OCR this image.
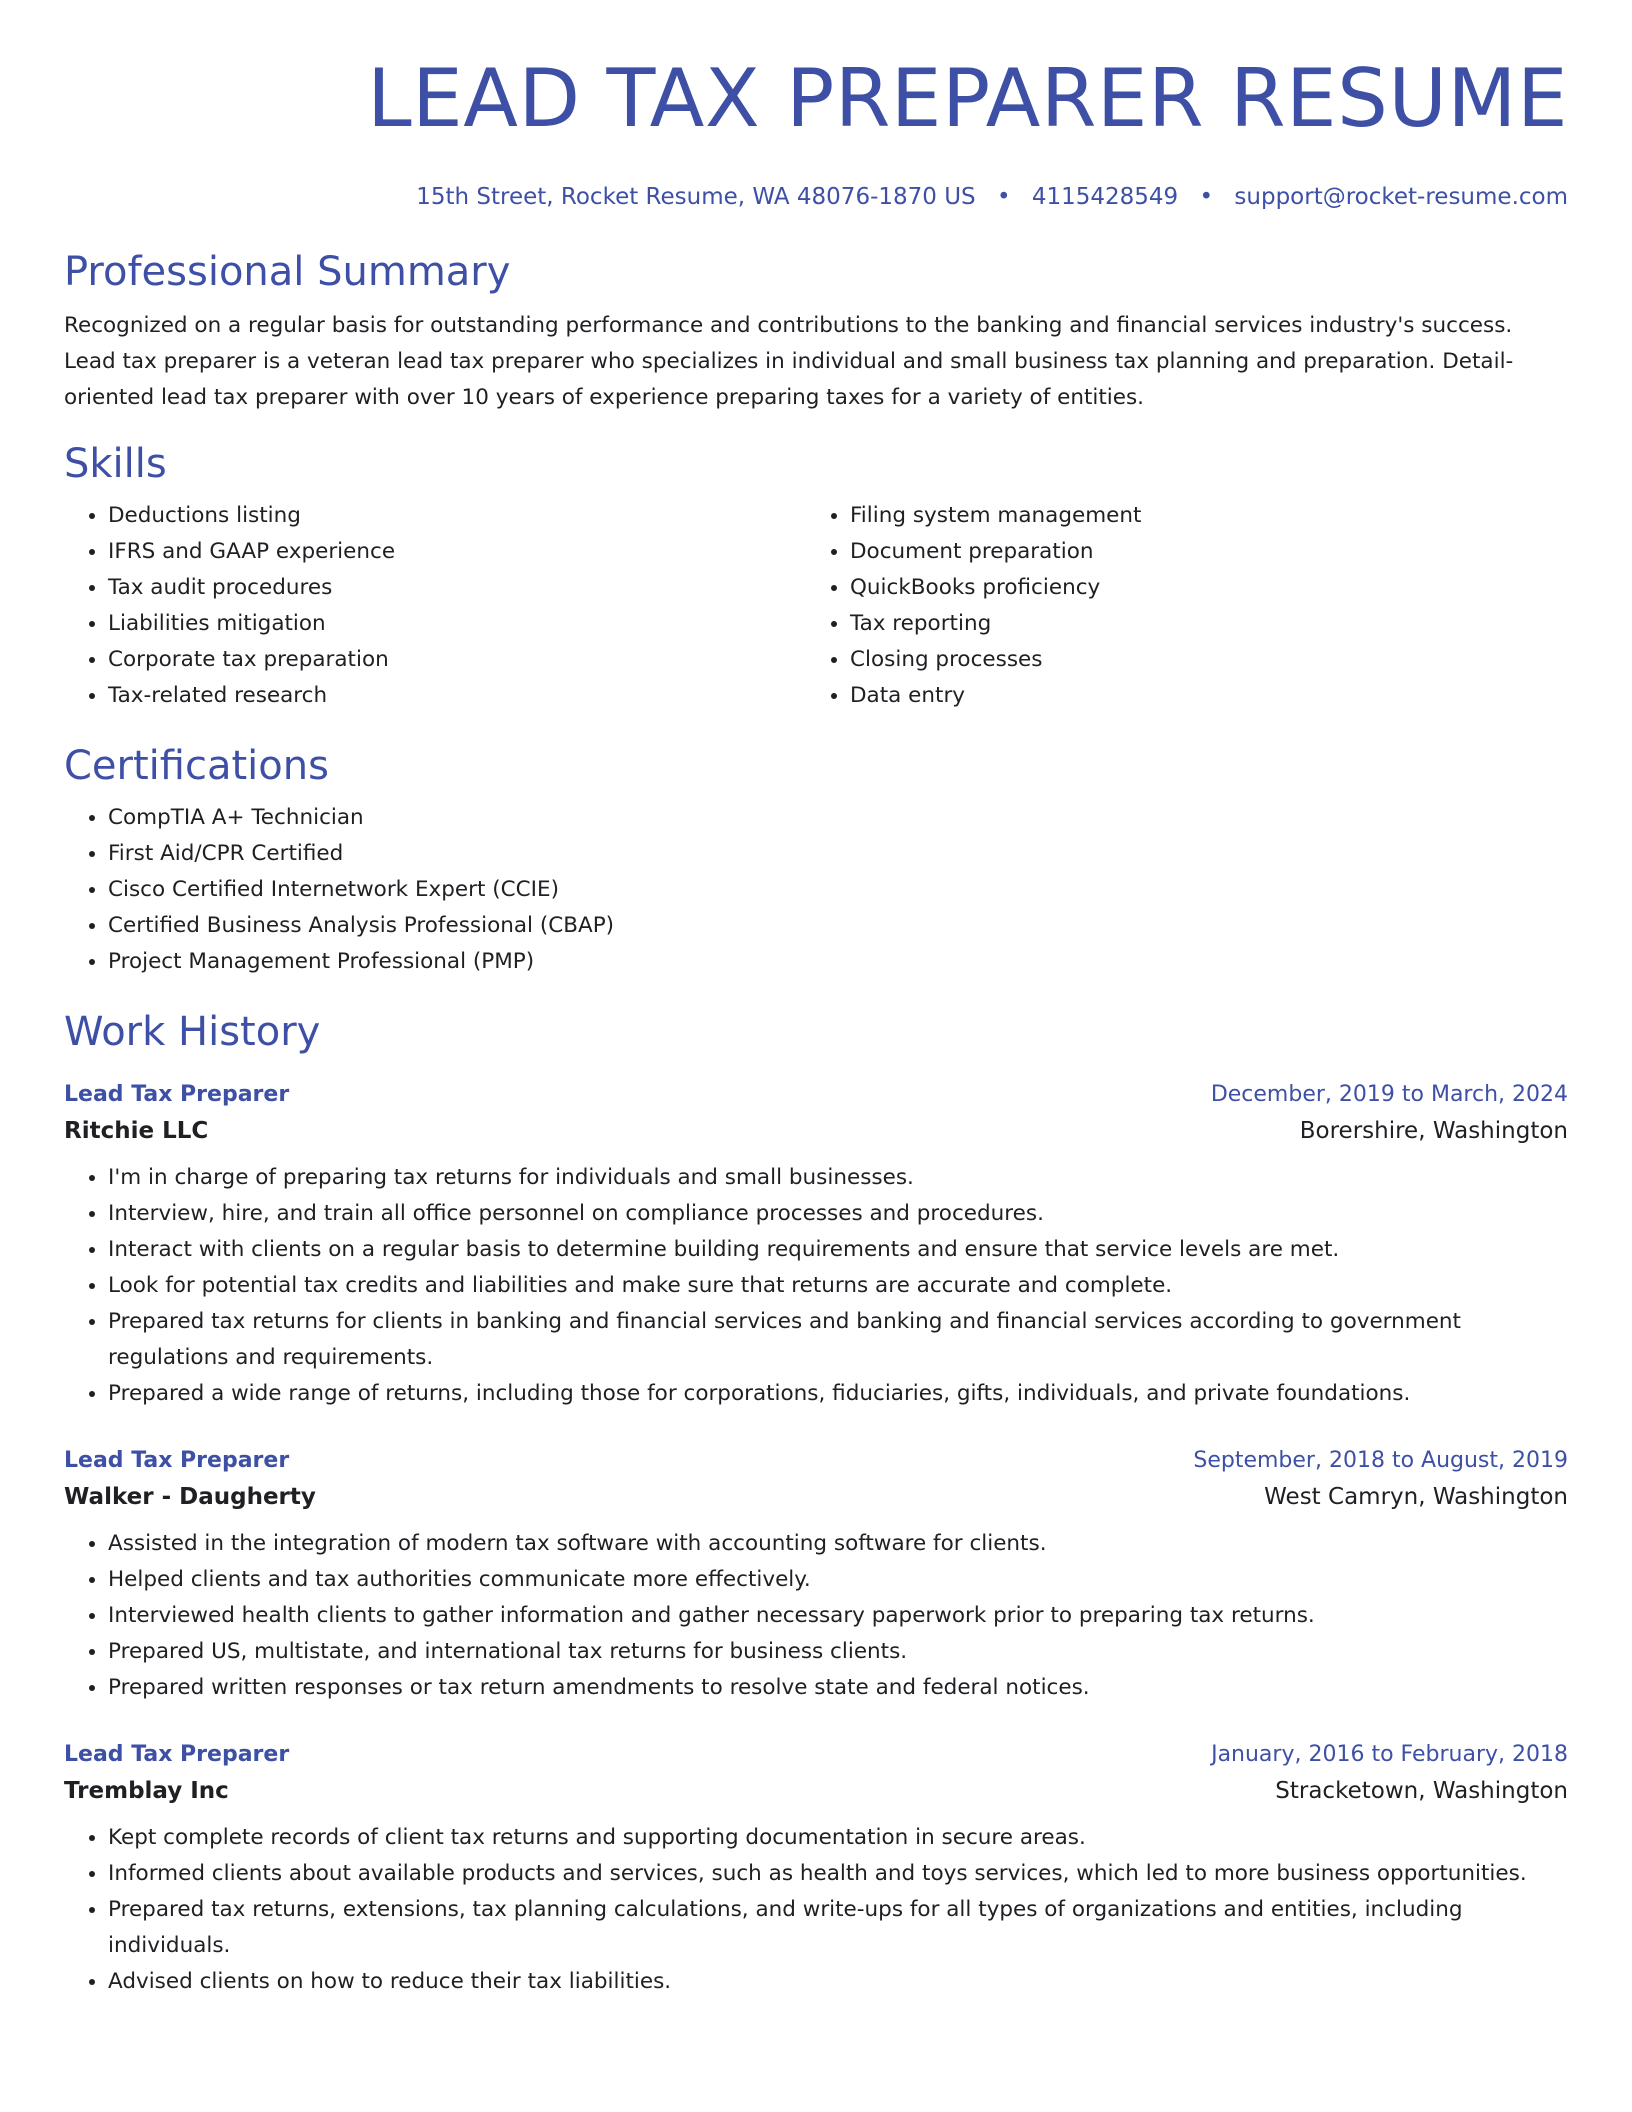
LEAD TAX PREPARER RESUME
15th Street, Rocket Resume, WA 48076-1870 US • 4115428549 • support@rocket-resume.com
Professional Summary

Recognized on a regular basis for outstanding performance and contributions to the banking and financial services industry's success. Lead tax preparer is a veteran lead tax preparer who specializes in individual and small business tax planning and preparation. Detail-oriented lead tax preparer with over 10 years of experience preparing taxes for a variety of entities.

Skills
• Deductions listing
• IFRS and GAAP experience
• Tax audit procedures
• Liabilities mitigation
• Corporate tax preparation
• Tax-related research
• Filing system management
• Document preparation
• QuickBooks proficiency
• Tax reporting
• Closing processes
• Data entry
Certifications
• CompTIA A+ Technician
• First Aid/CPR Certified
• Cisco Certified Internetwork Expert (CCIE)
• Certified Business Analysis Professional (CBAP)
• Project Management Professional (PMP)
Work History
Lead Tax Preparer	December, 2019 to March, 2024
Ritchie LLC	Borershire, Washington
• I'm in charge of preparing tax returns for individuals and small businesses.
• Interview, hire, and train all office personnel on compliance processes and procedures.
• Interact with clients on a regular basis to determine building requirements and ensure that service levels are met.
• Look for potential tax credits and liabilities and make sure that returns are accurate and complete.
• Prepared tax returns for clients in banking and financial services and banking and financial services according to government regulations and requirements.
• Prepared a wide range of returns, including those for corporations, fiduciaries, gifts, individuals, and private foundations.
Lead Tax Preparer	September, 2018 to August, 2019
Walker - Daugherty	West Camryn, Washington
• Assisted in the integration of modern tax software with accounting software for clients.
• Helped clients and tax authorities communicate more effectively.
• Interviewed health clients to gather information and gather necessary paperwork prior to preparing tax returns.
• Prepared US, multistate, and international tax returns for business clients.
• Prepared written responses or tax return amendments to resolve state and federal notices.
Lead Tax Preparer	January, 2016 to February, 2018
Tremblay Inc	Stracketown, Washington
• Kept complete records of client tax returns and supporting documentation in secure areas.
• Informed clients about available products and services, such as health and toys services, which led to more business opportunities.
• Prepared tax returns, extensions, tax planning calculations, and write-ups for all types of organizations and entities, including individuals.
• Advised clients on how to reduce their tax liabilities.
